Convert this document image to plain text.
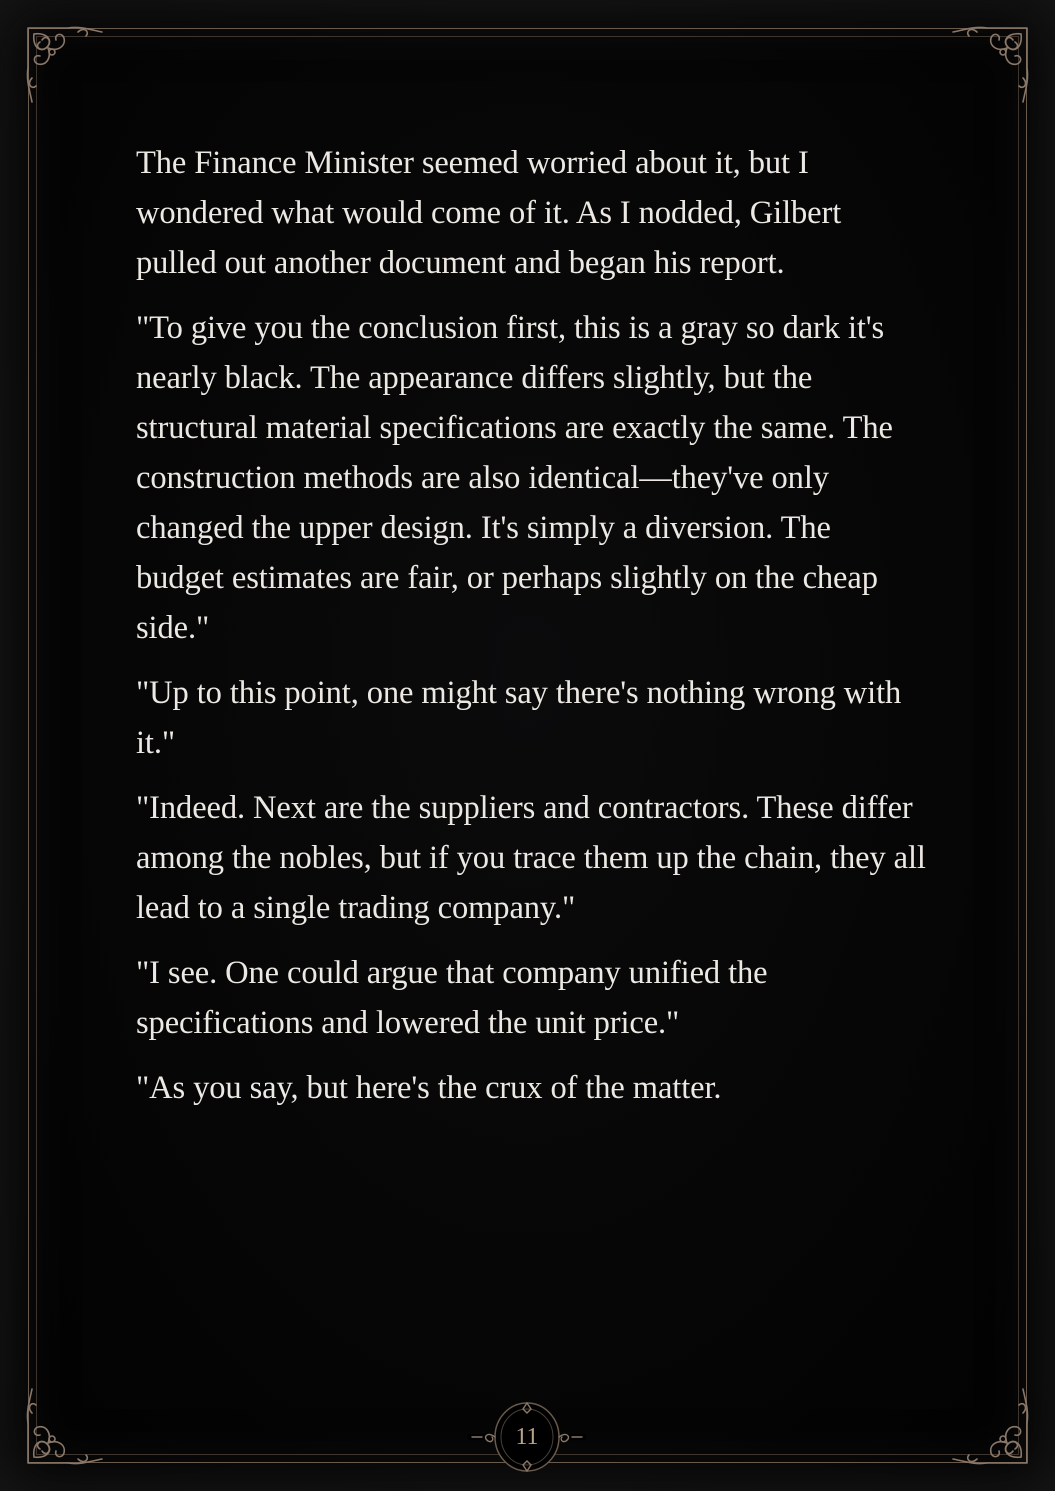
The Finance Minister seemed worried about it, but I wondered what would come of it. As I nodded, Gilbert pulled out another document and began his report.

"To give you the conclusion first, this is a gray so dark it's nearly black. The appearance differs slightly, but the structural material specifications are exactly the same. The construction methods are also identical—they've only changed the upper design. It's simply a diversion. The budget estimates are fair, or perhaps slightly on the cheap side."

"Up to this point, one might say there's nothing wrong with it."

"Indeed. Next are the suppliers and contractors. These differ among the nobles, but if you trace them up the chain, they all lead to a single trading company."

"I see. One could argue that company unified the specifications and lowered the unit price."

"As you say, but here's the crux of the matter.

11
